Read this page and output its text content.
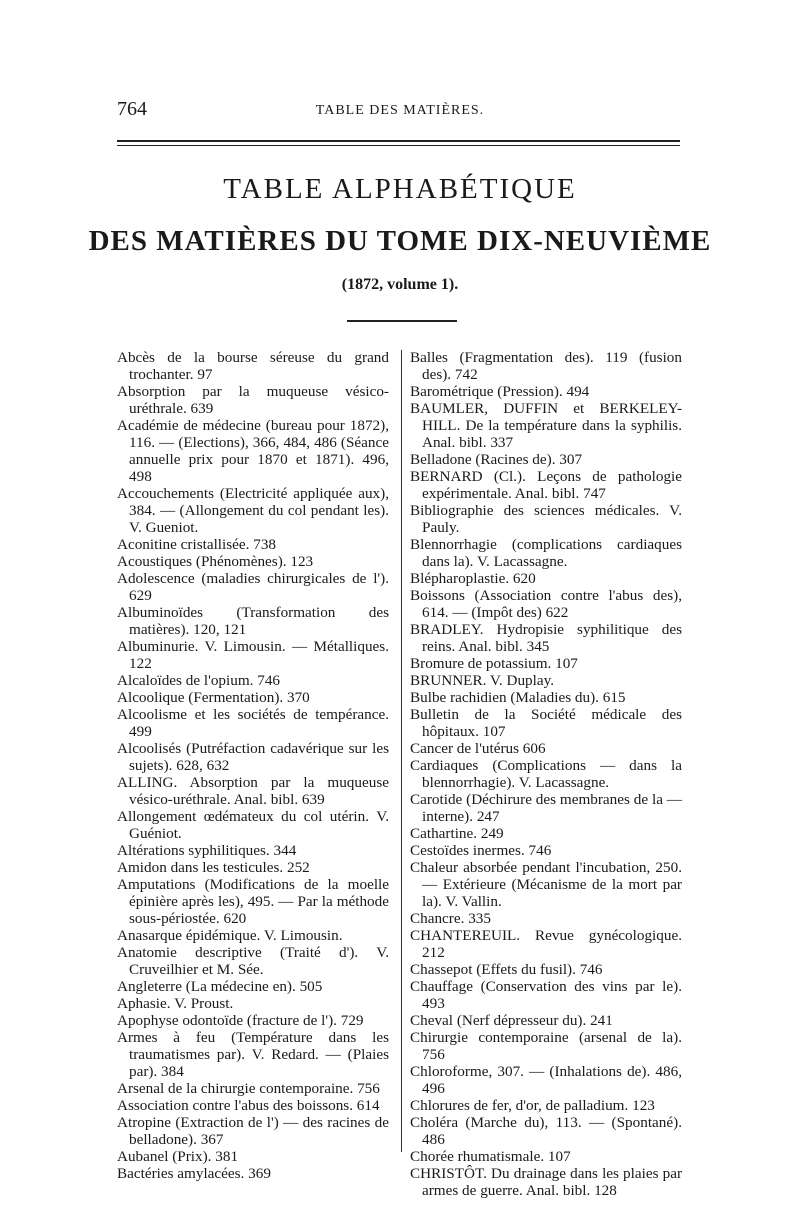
764	TABLE DES MATIÈRES.
TABLE ALPHABÉTIQUE
DES MATIÈRES DU TOME DIX-NEUVIÈME
(1872, volume 1).

Abcès de la bourse séreuse du grand trochanter. 97

Absorption par la muqueuse vésico-uréthrale. 639

Académie de médecine (bureau pour 1872), 116. — (Elections), 366, 484, 486 (Séance annuelle prix pour 1870 et 1871). 496, 498

Accouchements (Electricité appliquée aux), 384. — (Allongement du col pendant les). V. Gueniot.

Aconitine cristallisée. 738

Acoustiques (Phénomènes). 123

Adolescence (maladies chirurgicales de l'). 629

Albuminoïdes (Transformation des matières). 120, 121

Albuminurie. V. Limousin. — Métalliques. 122

Alcaloïdes de l'opium. 746

Alcoolique (Fermentation). 370

Alcoolisme et les sociétés de tempérance. 499

Alcoolisés (Putréfaction cadavérique sur les sujets). 628, 632

ALLING. Absorption par la muqueuse vésico-uréthrale. Anal. bibl. 639

Allongement œdémateux du col utérin. V. Guéniot.

Altérations syphilitiques. 344

Amidon dans les testicules. 252

Amputations (Modifications de la moelle épinière après les), 495. — Par la méthode sous-périostée. 620

Anasarque épidémique. V. Limousin.

Anatomie descriptive (Traité d'). V. Cruveilhier et M. Sée.

Angleterre (La médecine en). 505

Aphasie. V. Proust.

Apophyse odontoïde (fracture de l'). 729

Armes à feu (Température dans les traumatismes par). V. Redard. — (Plaies par). 384

Arsenal de la chirurgie contemporaine. 756

Association contre l'abus des boissons. 614

Atropine (Extraction de l') — des racines de belladone). 367

Aubanel (Prix). 381

Bactéries amylacées. 369

Balles (Fragmentation des). 119 (fusion des). 742

Barométrique (Pression). 494

BAUMLER, DUFFIN et BERKELEY-HILL. De la température dans la syphilis. Anal. bibl. 337

Belladone (Racines de). 307

BERNARD (Cl.). Leçons de pathologie expérimentale. Anal. bibl. 747

Bibliographie des sciences médicales. V. Pauly.

Blennorrhagie (complications cardiaques dans la). V. Lacassagne.

Blépharoplastie. 620

Boissons (Association contre l'abus des), 614. — (Impôt des) 622

BRADLEY. Hydropisie syphilitique des reins. Anal. bibl. 345

Bromure de potassium. 107

BRUNNER. V. Duplay.

Bulbe rachidien (Maladies du). 615

Bulletin de la Société médicale des hôpitaux. 107

Cancer de l'utérus 606

Cardiaques (Complications — dans la blennorrhagie). V. Lacassagne.

Carotide (Déchirure des membranes de la — interne). 247

Cathartine. 249

Cestoïdes inermes. 746

Chaleur absorbée pendant l'incubation, 250. — Extérieure (Mécanisme de la mort par la). V. Vallin.

Chancre. 335

CHANTEREUIL. Revue gynécologique. 212

Chassepot (Effets du fusil). 746

Chauffage (Conservation des vins par le). 493

Cheval (Nerf dépresseur du). 241

Chirurgie contemporaine (arsenal de la). 756

Chloroforme, 307. — (Inhalations de). 486, 496

Chlorures de fer, d'or, de palladium. 123

Choléra (Marche du), 113. — (Spontané). 486

Chorée rhumatismale. 107

CHRISTÔT. Du drainage dans les plaies par armes de guerre. Anal. bibl. 128
